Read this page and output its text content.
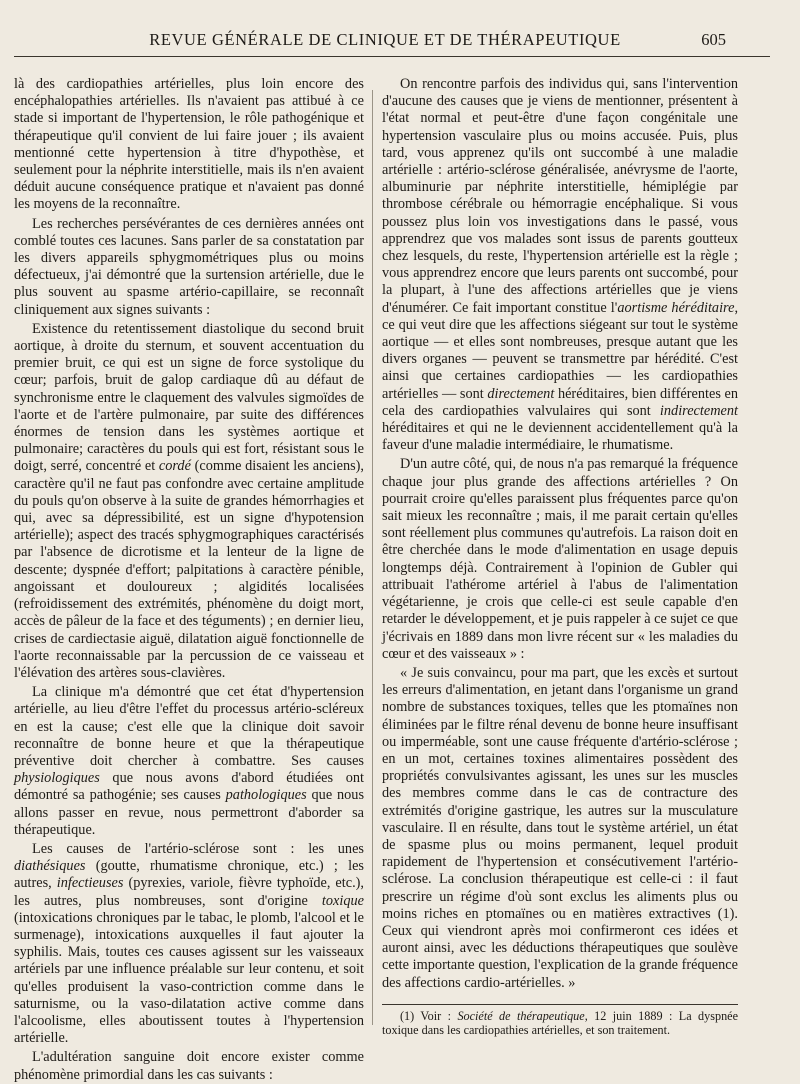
REVUE GÉNÉRALE DE CLINIQUE ET DE THÉRAPEUTIQUE	605

là des cardiopathies artérielles, plus loin encore des encéphalopathies artérielles. Ils n'avaient pas attibué à ce stade si important de l'hypertension, le rôle pathogénique et thérapeutique qu'il convient de lui faire jouer ; ils avaient mentionné cette hypertension à titre d'hypothèse, et seulement pour la néphrite interstitielle, mais ils n'en avaient déduit aucune conséquence pratique et n'avaient pas donné les moyens de la reconnaître.

Les recherches persévérantes de ces dernières années ont comblé toutes ces lacunes. Sans parler de sa constatation par les divers appareils sphygmométriques plus ou moins défectueux, j'ai démontré que la surtension artérielle, due le plus souvent au spasme artério-capillaire, se reconnaît cliniquement aux signes suivants :

Existence du retentissement diastolique du second bruit aortique, à droite du sternum, et souvent accentuation du premier bruit, ce qui est un signe de force systolique du cœur; parfois, bruit de galop cardiaque dû au défaut de synchronisme entre le claquement des valvules sigmoïdes de l'aorte et de l'artère pulmonaire, par suite des différences énormes de tension dans les systèmes aortique et pulmonaire; caractères du pouls qui est fort, résistant sous le doigt, serré, concentré et cordé (comme disaient les anciens), caractère qu'il ne faut pas confondre avec certaine amplitude du pouls qu'on observe à la suite de grandes hémorrhagies et qui, avec sa dépressibilité, est un signe d'hypotension artérielle); aspect des tracés sphygmographiques caractérisés par l'absence de dicrotisme et la lenteur de la ligne de descente; dyspnée d'effort; palpitations à caractère pénible, angoissant et douloureux ; algidités localisées (refroidissement des extrémités, phénomène du doigt mort, accès de pâleur de la face et des téguments) ; en dernier lieu, crises de cardiectasie aiguë, dilatation aiguë fonctionnelle de l'aorte reconnaissable par la percussion de ce vaisseau et l'élévation des artères sous-clavières.

La clinique m'a démontré que cet état d'hypertension artérielle, au lieu d'être l'effet du processus artério-scléreux en est la cause; c'est elle que la clinique doit savoir reconnaître de bonne heure et que la thérapeutique préventive doit chercher à combattre. Ses causes physiologiques que nous avons d'abord étudiées ont démontré sa pathogénie; ses causes pathologiques que nous allons passer en revue, nous permettront d'aborder sa thérapeutique.

Les causes de l'artério-sclérose sont : les unes diathésiques (goutte, rhumatisme chronique, etc.) ; les autres, infectieuses (pyrexies, variole, fièvre typhoïde, etc.), les autres, plus nombreuses, sont d'origine toxique (intoxications chroniques par le tabac, le plomb, l'alcool et le surmenage), intoxications auxquelles il faut ajouter la syphilis. Mais, toutes ces causes agissent sur les vaisseaux artériels par une influence préalable sur leur contenu, et soit qu'elles produisent la vaso-contriction comme dans le saturnisme, ou la vaso-dilatation active comme dans l'alcoolisme, elles aboutissent toutes à l'hypertension artérielle.

L'adultération sanguine doit encore exister comme phénomène primordial dans les cas suivants :

On rencontre parfois des individus qui, sans l'intervention d'aucune des causes que je viens de mentionner, présentent à l'état normal et peut-être d'une façon congénitale une hypertension vasculaire plus ou moins accusée. Puis, plus tard, vous apprenez qu'ils ont succombé à une maladie artérielle : artério-sclérose généralisée, anévrysme de l'aorte, albuminurie par néphrite interstitielle, hémiplégie par thrombose cérébrale ou hémorragie encéphalique. Si vous poussez plus loin vos investigations dans le passé, vous apprendrez que vos malades sont issus de parents goutteux chez lesquels, du reste, l'hypertension artérielle est la règle ; vous apprendrez encore que leurs parents ont succombé, pour la plupart, à l'une des affections artérielles que je viens d'énumérer. Ce fait important constitue l'aortisme héréditaire, ce qui veut dire que les affections siégeant sur tout le système aortique — et elles sont nombreuses, presque autant que les divers organes — peuvent se transmettre par hérédité. C'est ainsi que certaines cardiopathies — les cardiopathies artérielles — sont directement héréditaires, bien différentes en cela des cardiopathies valvulaires qui sont indirectement héréditaires et qui ne le deviennent accidentellement qu'à la faveur d'une maladie intermédiaire, le rhumatisme.

D'un autre côté, qui, de nous n'a pas remarqué la fréquence chaque jour plus grande des affections artérielles ? On pourrait croire qu'elles paraissent plus fréquentes parce qu'on sait mieux les reconnaître ; mais, il me parait certain qu'elles sont réellement plus communes qu'autrefois. La raison doit en être cherchée dans le mode d'alimentation en usage depuis longtemps déjà. Contrairement à l'opinion de Gubler qui attribuait l'athérome artériel à l'abus de l'alimentation végétarienne, je crois que celle-ci est seule capable d'en retarder le développement, et je puis rappeler à ce sujet ce que j'écrivais en 1889 dans mon livre récent sur « les maladies du cœur et des vaisseaux » :

« Je suis convaincu, pour ma part, que les excès et surtout les erreurs d'alimentation, en jetant dans l'organisme un grand nombre de substances toxiques, telles que les ptomaïnes non éliminées par le filtre rénal devenu de bonne heure insuffisant ou imperméable, sont une cause fréquente d'artério-sclérose ; en un mot, certaines toxines alimentaires possèdent des propriétés convulsivantes agissant, les unes sur les muscles des membres comme dans le cas de contracture des extrémités d'origine gastrique, les autres sur la musculature vasculaire. Il en résulte, dans tout le système artériel, un état de spasme plus ou moins permanent, lequel produit rapidement de l'hypertension et consécutivement l'artério-sclérose. La conclusion thérapeutique est celle-ci : il faut prescrire un régime d'où sont exclus les aliments plus ou moins riches en ptomaïnes ou en matières extractives (1). Ceux qui viendront après moi confirmeront ces idées et auront ainsi, avec les déductions thérapeutiques que soulève cette importante question, l'explication de la grande fréquence des affections cardio-artérielles. »

(1) Voir : Société de thérapeutique, 12 juin 1889 : La dyspnée toxique dans les cardiopathies artérielles, et son traitement.
